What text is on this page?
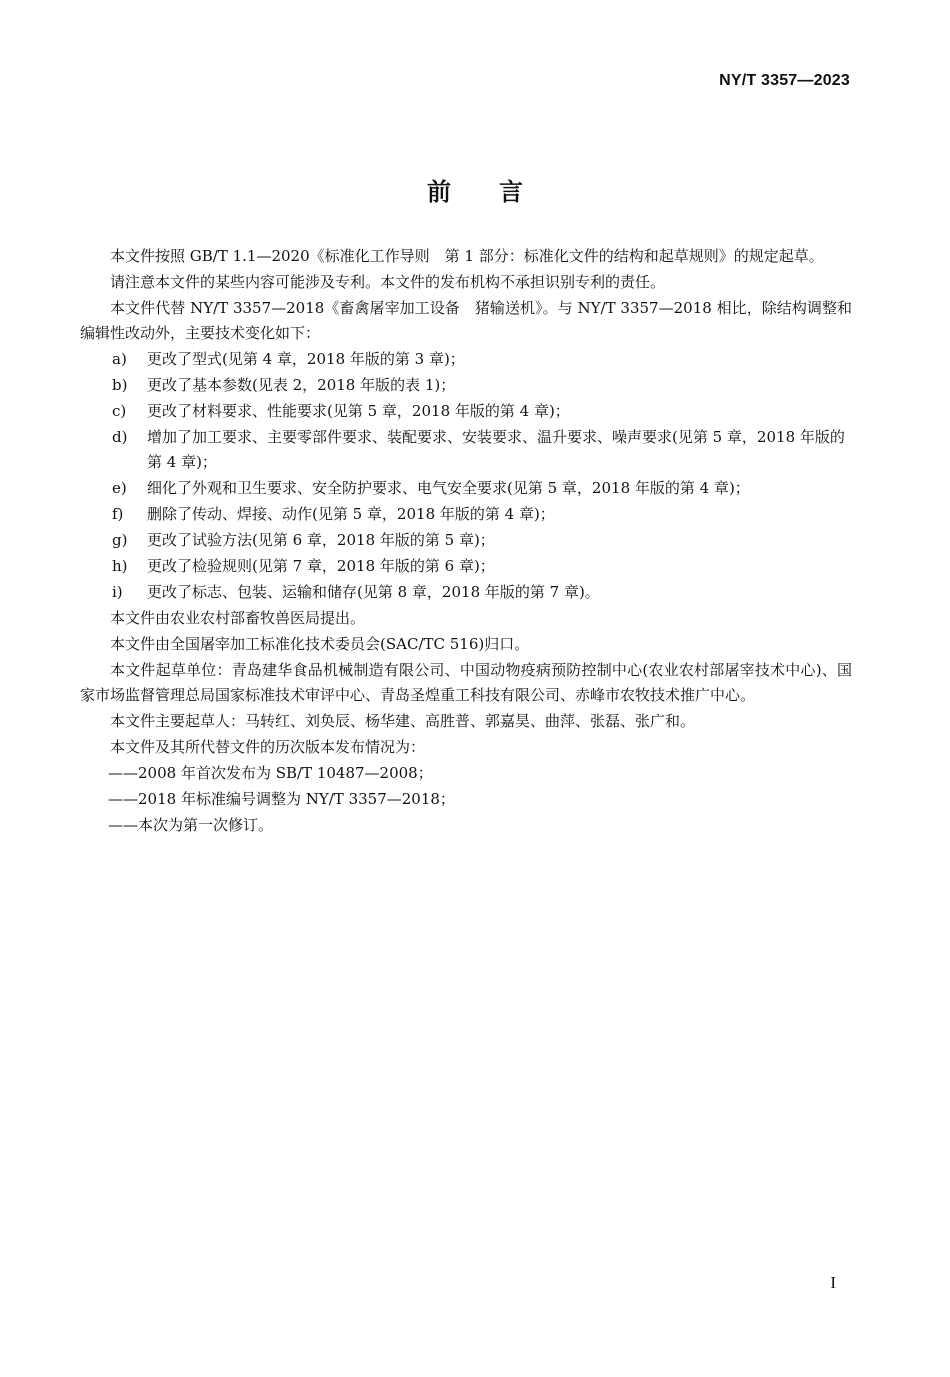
NY/T 3357—2023
前言

本文件按照 GB/T 1.1—2020《标准化工作导则　第 1 部分：标准化文件的结构和起草规则》的规定起草。

请注意本文件的某些内容可能涉及专利。本文件的发布机构不承担识别专利的责任。

本文件代替 NY/T 3357—2018《畜禽屠宰加工设备　猪输送机》。与 NY/T 3357—2018 相比，除结构调整和编辑性改动外，主要技术变化如下：

a)	更改了型式(见第 4 章，2018 年版的第 3 章)；
b)	更改了基本参数(见表 2，2018 年版的表 1)；
c)	更改了材料要求、性能要求(见第 5 章，2018 年版的第 4 章)；
d)	增加了加工要求、主要零部件要求、装配要求、安装要求、温升要求、噪声要求(见第 5 章，2018 年版的第 4 章)；
e)	细化了外观和卫生要求、安全防护要求、电气安全要求(见第 5 章，2018 年版的第 4 章)；
f)	删除了传动、焊接、动作(见第 5 章，2018 年版的第 4 章)；
g)	更改了试验方法(见第 6 章，2018 年版的第 5 章)；
h)	更改了检验规则(见第 7 章，2018 年版的第 6 章)；
i)	更改了标志、包装、运输和储存(见第 8 章，2018 年版的第 7 章)。

本文件由农业农村部畜牧兽医局提出。

本文件由全国屠宰加工标准化技术委员会(SAC/TC 516)归口。

本文件起草单位：青岛建华食品机械制造有限公司、中国动物疫病预防控制中心(农业农村部屠宰技术中心)、国家市场监督管理总局国家标准技术审评中心、青岛圣煌重工科技有限公司、赤峰市农牧技术推广中心。

本文件主要起草人：马转红、刘奂辰、杨华建、高胜普、郭嘉昊、曲萍、张磊、张广和。

本文件及其所代替文件的历次版本发布情况为：

——2008 年首次发布为 SB/T 10487—2008；

——2018 年标准编号调整为 NY/T 3357—2018；

——本次为第一次修订。

I
